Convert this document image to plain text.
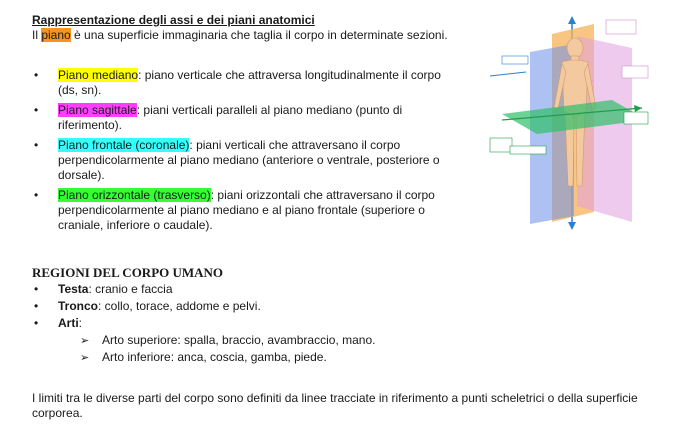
Rappresentazione degli assi e dei piani anatomici
Il piano è una superficie immaginaria che taglia il corpo in determinate sezioni.
• Piano mediano: piano verticale che attraversa longitudinalmente il corpo (ds, sn).
• Piano sagittale: piani verticali paralleli al piano mediano (punto di riferimento).
• Piano frontale (coronale): piani verticali che attraversano il corpo perpendicolarmente al piano mediano (anteriore o ventrale, posteriore o dorsale).
• Piano orizzontale (trasverso): piani orizzontali che attraversano il corpo perpendicolarmente al piano mediano e al piano frontale (superiore o craniale, inferiore o caudale).
REGIONI DEL CORPO UMANO
• Testa: cranio e faccia
• Tronco: collo, torace, addome e pelvi.
• Arti:
➢ Arto superiore: spalla, braccio, avambraccio, mano.
➢ Arto inferiore: anca, coscia, gamba, piede.
I limiti tra le diverse parti del corpo sono definiti da linee tracciate in riferimento a punti scheletrici o della superficie corporea.
